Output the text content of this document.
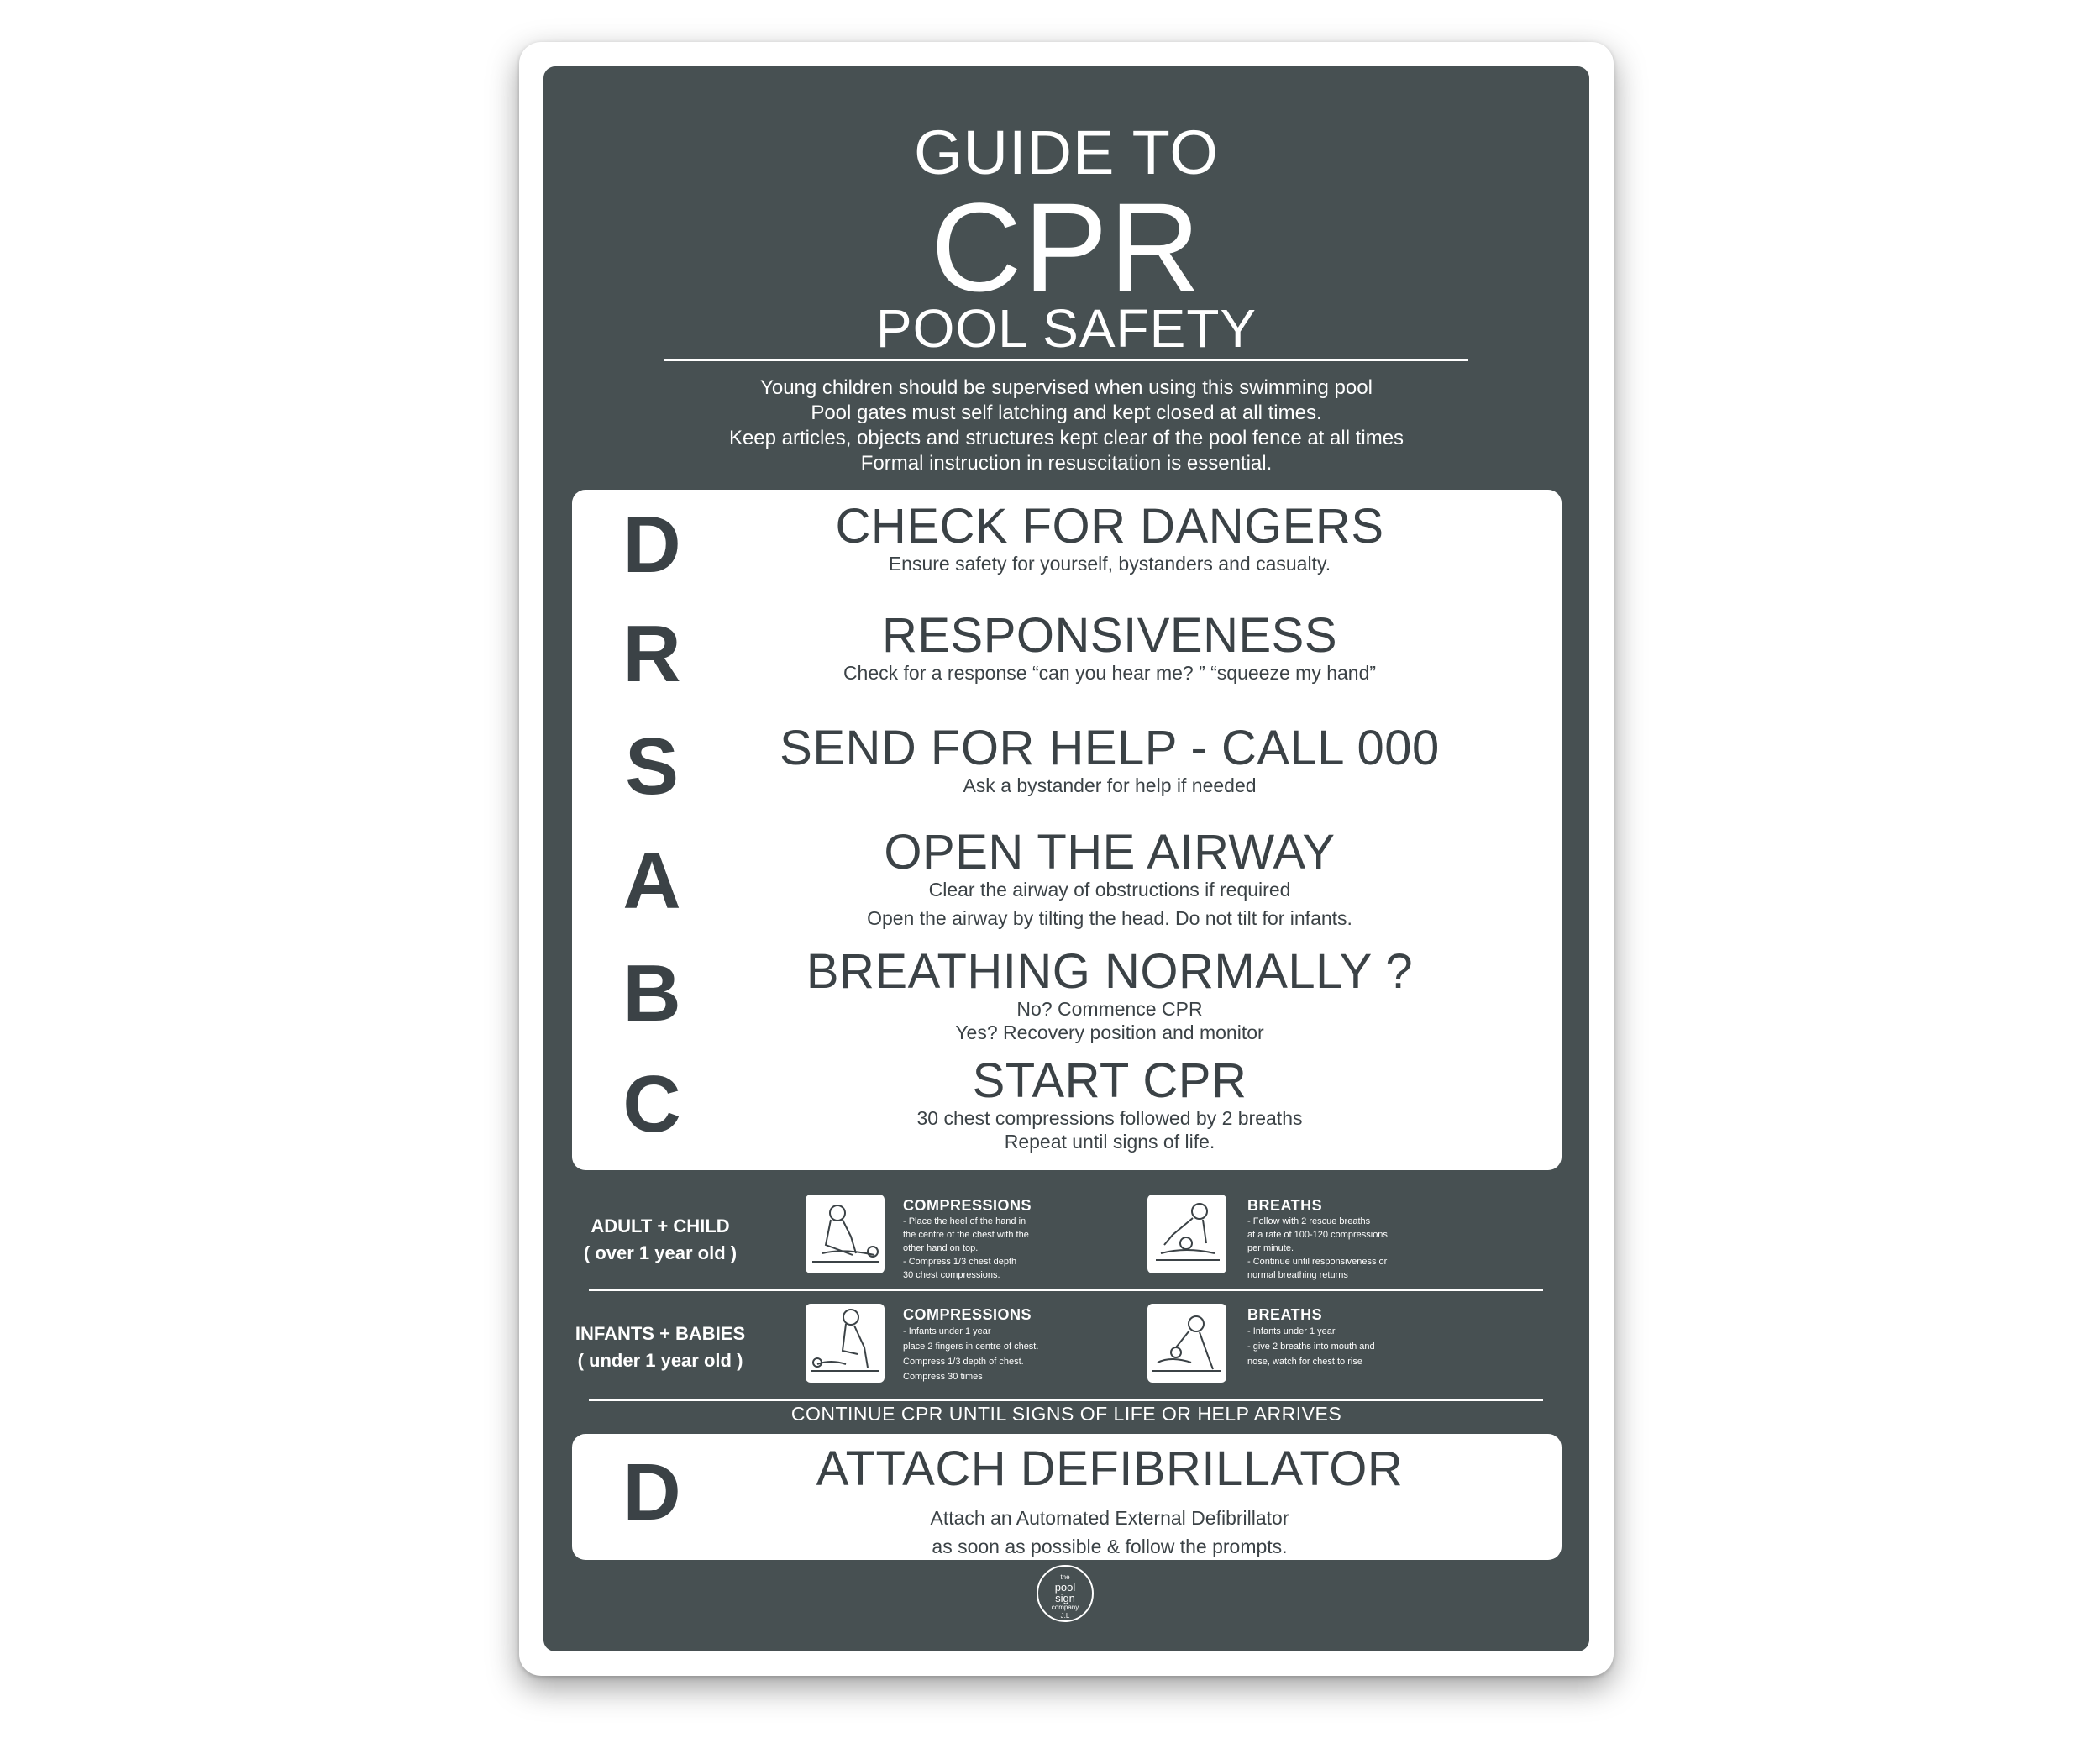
GUIDE TO
CPR
POOL SAFETY
Young children should be supervised when using this swimming pool
Pool gates must self latching and kept closed at all times.
Keep articles, objects and structures kept clear of the pool fence at all times
Formal instruction in resuscitation is essential.
D	CHECK FOR DANGERS
Ensure safety for yourself, bystanders and casualty.
R	RESPONSIVENESS
Check for a response “can you hear me? ” “squeeze my hand”
S	SEND FOR HELP - CALL 000
Ask a bystander for help if needed
A	OPEN THE AIRWAY
Clear the airway of obstructions if required
Open the airway by tilting the head. Do not tilt for infants.
B	BREATHING NORMALLY ?
No? Commence CPR
Yes? Recovery position and monitor
C	START CPR
30 chest compressions followed by 2 breaths
Repeat until signs of life.
ADULT + CHILD
( over 1 year old )
COMPRESSIONS
- Place the heel of the hand in
the centre of the chest with the
other hand on top.
- Compress 1/3 chest depth
30 chest compressions.
BREATHS
- Follow with 2 rescue breaths
at a rate of 100-120 compressions
per minute.
- Continue until responsiveness or
normal breathing returns
INFANTS + BABIES
( under 1 year old )
COMPRESSIONS
- Infants under 1 year
place 2 fingers in centre of chest.
Compress 1/3 depth of chest.
Compress 30 times
BREATHS
- Infants under 1 year
- give 2 breaths into mouth and
nose, watch for chest to rise
CONTINUE CPR UNTIL SIGNS OF LIFE OR HELP ARRIVES
D	ATTACH DEFIBRILLATOR
Attach an Automated External Defibrillator
as soon as possible & follow the prompts.
the
pool
sign
company
J.L
